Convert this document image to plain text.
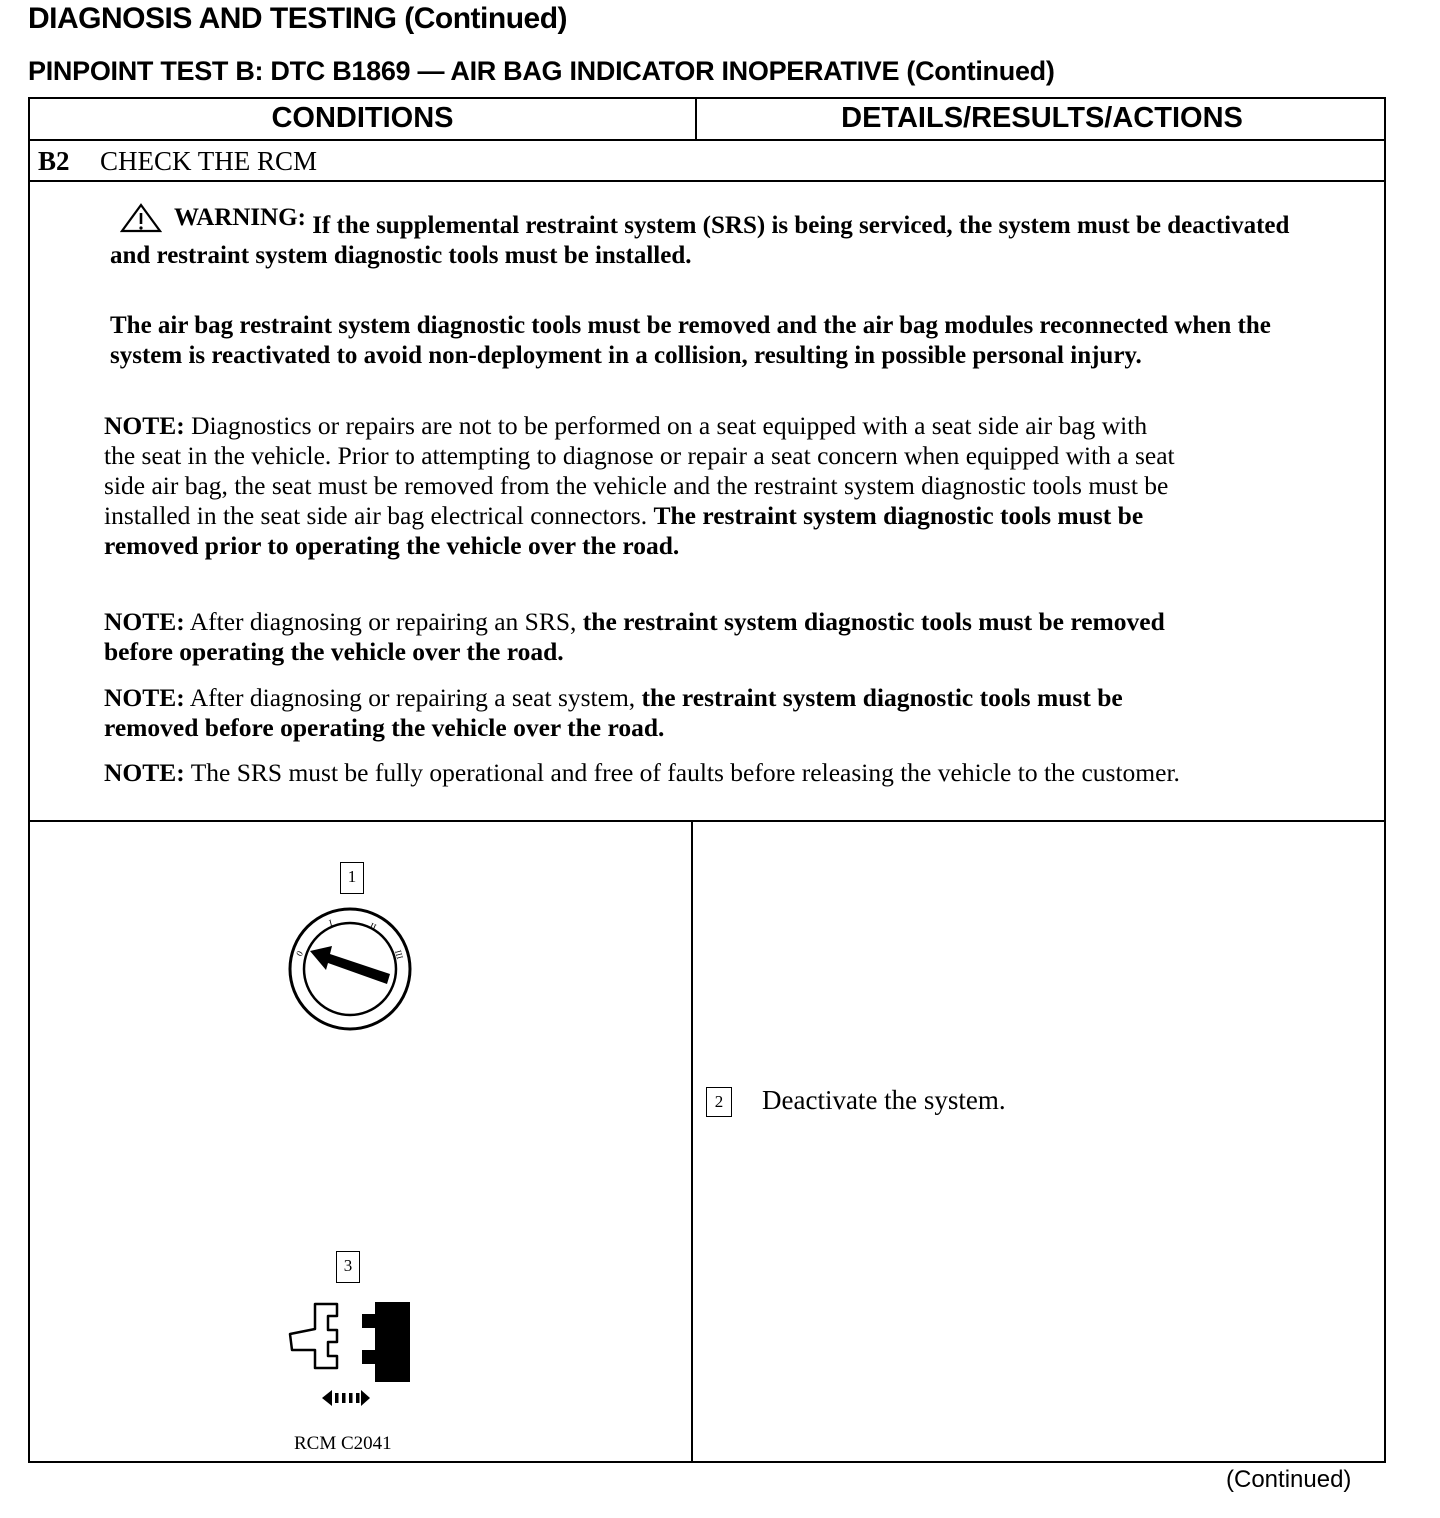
DIAGNOSIS AND TESTING (Continued)
PINPOINT TEST B: DTC B1869 — AIR BAG INDICATOR INOPERATIVE (Continued)
CONDITIONS	DETAILS/RESULTS/ACTIONS
B2 CHECK THE RCM

WARNING: If the supplemental restraint system (SRS) is being serviced, the system must be deactivated and restraint system diagnostic tools must be installed.

The air bag restraint system diagnostic tools must be removed and the air bag modules reconnected when the system is reactivated to avoid non-deployment in a collision, resulting in possible personal injury.

NOTE: Diagnostics or repairs are not to be performed on a seat equipped with a seat side air bag with the seat in the vehicle. Prior to attempting to diagnose or repair a seat concern when equipped with a seat side air bag, the seat must be removed from the vehicle and the restraint system diagnostic tools must be installed in the seat side air bag electrical connectors. The restraint system diagnostic tools must be removed prior to operating the vehicle over the road.
NOTE: After diagnosing or repairing an SRS, the restraint system diagnostic tools must be removed before operating the vehicle over the road.
NOTE: After diagnosing or repairing a seat system, the restraint system diagnostic tools must be removed before operating the vehicle over the road.
NOTE: The SRS must be fully operational and free of faults before releasing the vehicle to the customer.
1
0
I	II
III
3
RCM C2041
2	Deactivate the system.
(Continued)
